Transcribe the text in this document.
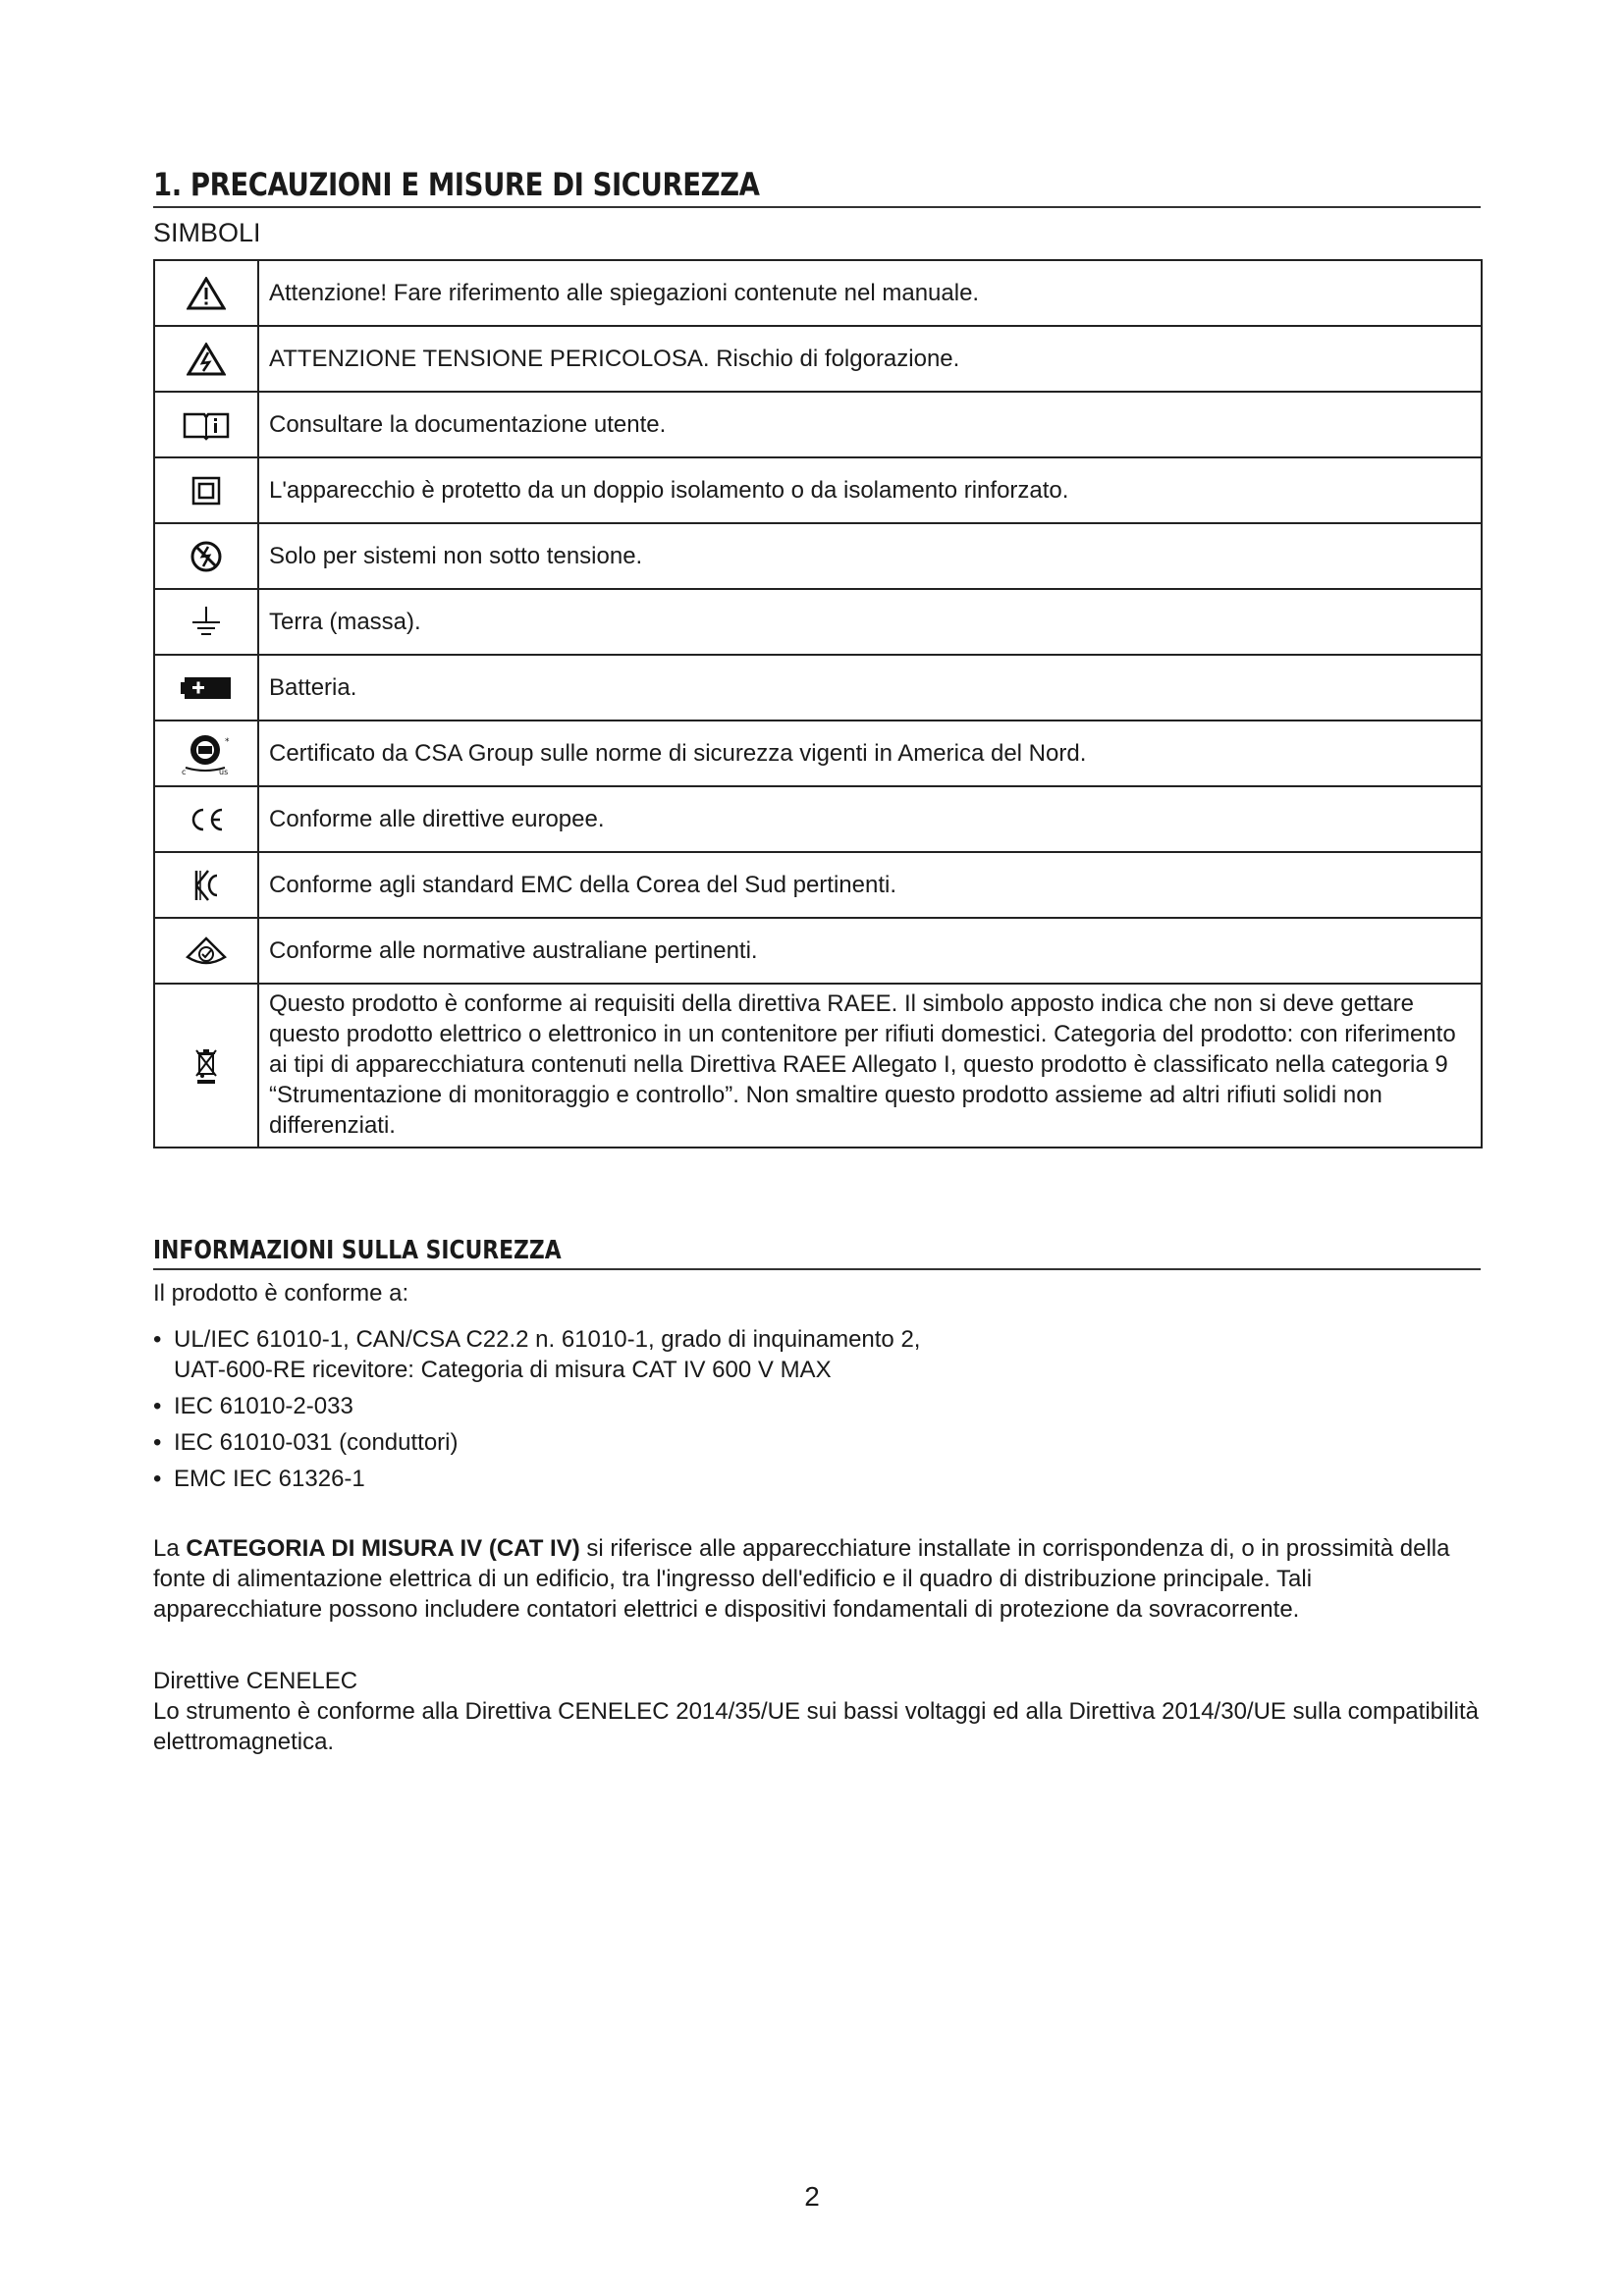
1. PRECAUZIONI E MISURE DI SICUREZZA
SIMBOLI
	Attenzione! Fare riferimento alle spiegazioni contenute nel manuale.

	ATTENZIONE TENSIONE PERICOLOSA. Rischio di folgorazione.

	Consultare la documentazione utente.

	L'apparecchio è protetto da un doppio isolamento o da isolamento rinforzato.

	Solo per sistemi non sotto tensione.

	Terra (massa).

	Batteria.

c us
*	Certificato da CSA Group sulle norme di sicurezza vigenti in America del Nord.

	Conforme alle direttive europee.

	Conforme agli standard EMC della Corea del Sud pertinenti.

	Conforme alle normative australiane pertinenti.

	Questo prodotto è conforme ai requisiti della direttiva RAEE. Il simbolo apposto indica che non si deve gettare questo prodotto elettrico o elettronico in un contenitore per rifiuti domestici. Categoria del prodotto: con riferimento ai tipi di apparecchiatura contenuti nella Direttiva RAEE Allegato I, questo prodotto è classificato nella categoria 9 “Strumentazione di monitoraggio e controllo”. Non smaltire questo prodotto assieme ad altri rifiuti solidi non differenziati.
INFORMAZIONI SULLA SICUREZZA
Il prodotto è conforme a:
• UL/IEC 61010-1, CAN/CSA C22.2 n. 61010-1, grado di inquinamento 2,
UAT-600-RE ricevitore: Categoria di misura CAT IV 600 V MAX
• IEC 61010-2-033
• IEC 61010-031 (conduttori)
• EMC IEC 61326-1
La CATEGORIA DI MISURA IV (CAT IV) si riferisce alle apparecchiature installate in corrispondenza di, o in prossimità della fonte di alimentazione elettrica di un edificio, tra l'ingresso dell'edificio e il quadro di distribuzione principale. Tali apparecchiature possono includere contatori elettrici e dispositivi fondamentali di protezione da sovracorrente.
Direttive CENELEC
Lo strumento è conforme alla Direttiva CENELEC 2014/35/UE sui bassi voltaggi ed alla Direttiva 2014/30/UE sulla compatibilità elettromagnetica.
2
